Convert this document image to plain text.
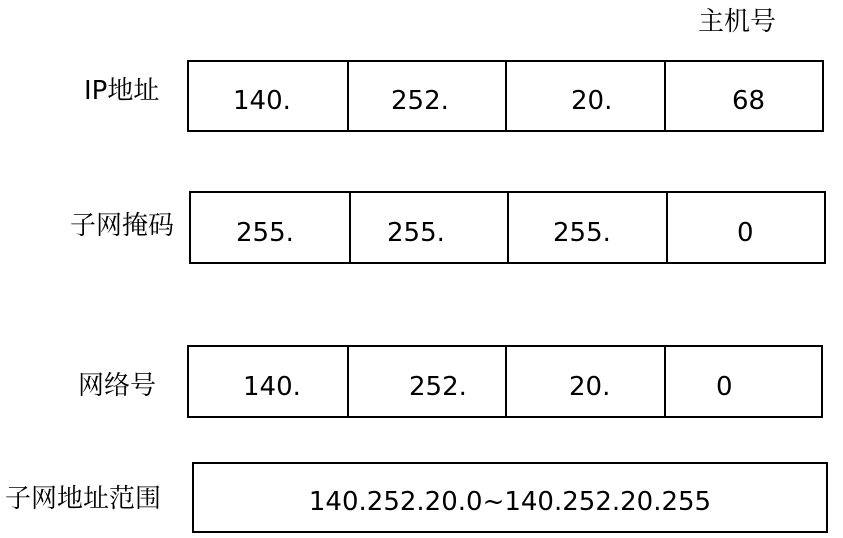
主机号
IP地址	140.	252.	20.	68
子网掩码 255.	255.	255.	0
网络号	140.	252.	20.	0
子网地址范围	140.252.20.0~140.252.20.255
